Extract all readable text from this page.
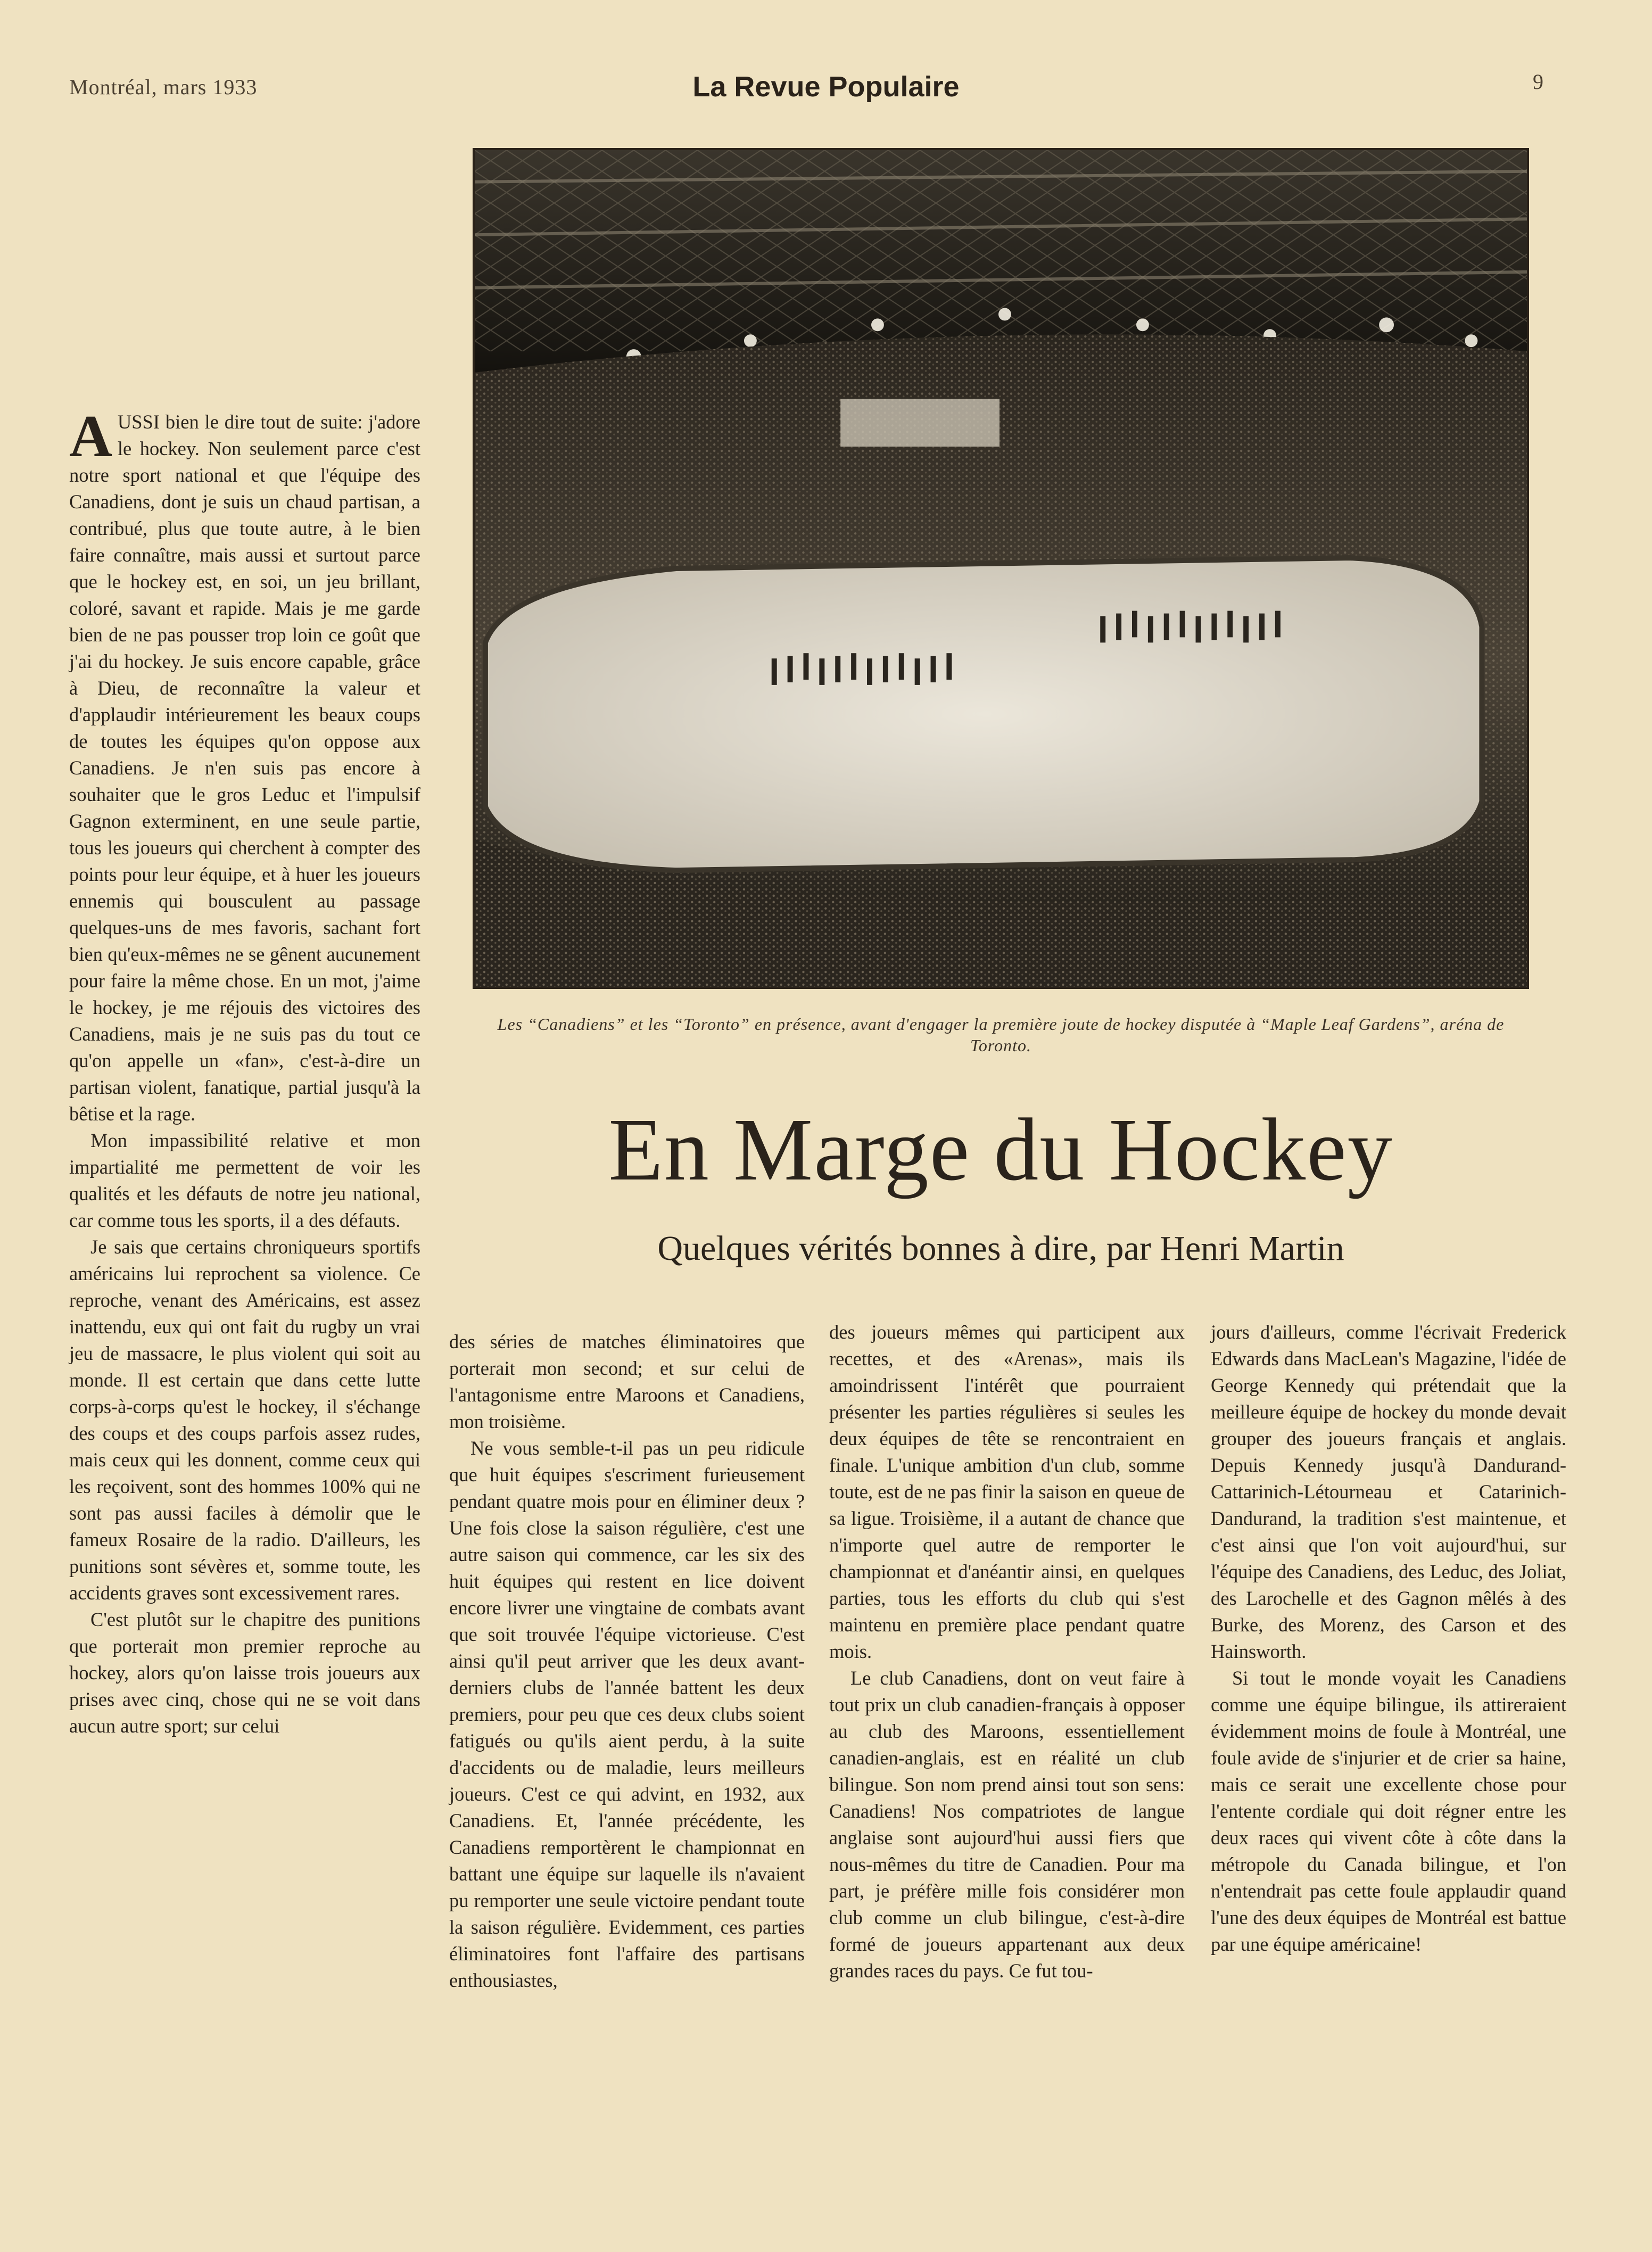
Montréal, mars 1933	La Revue Populaire	9
Les “Canadiens” et les “Toronto” en présence, avant d'engager la première joute de hockey disputée à “Maple Leaf Gardens”, aréna de Toronto.
En Marge du Hockey
Quelques vérités bonnes à dire, par Henri Martin

AUSSI bien le dire tout de suite: j'adore le hockey. Non seulement parce c'est notre sport national et que l'équipe des Canadiens, dont je suis un chaud partisan, a contribué, plus que toute autre, à le bien faire connaître, mais aussi et surtout parce que le hockey est, en soi, un jeu brillant, coloré, savant et rapide. Mais je me garde bien de ne pas pousser trop loin ce goût que j'ai du hockey. Je suis encore capable, grâce à Dieu, de reconnaître la valeur et d'applaudir intérieurement les beaux coups de toutes les équipes qu'on oppose aux Canadiens. Je n'en suis pas encore à souhaiter que le gros Leduc et l'impulsif Gagnon exterminent, en une seule partie, tous les joueurs qui cherchent à compter des points pour leur équipe, et à huer les joueurs ennemis qui bousculent au passage quelques-uns de mes favoris, sachant fort bien qu'eux-mêmes ne se gênent aucunement pour faire la même chose. En un mot, j'aime le hockey, je me réjouis des victoires des Canadiens, mais je ne suis pas du tout ce qu'on appelle un «fan», c'est-à-dire un partisan violent, fanatique, partial jusqu'à la bêtise et la rage.

Mon impassibilité relative et mon impartialité me permettent de voir les qualités et les défauts de notre jeu national, car comme tous les sports, il a des défauts.

Je sais que certains chroniqueurs sportifs américains lui reprochent sa violence. Ce reproche, venant des Américains, est assez inattendu, eux qui ont fait du rugby un vrai jeu de massacre, le plus violent qui soit au monde. Il est certain que dans cette lutte corps-à-corps qu'est le hockey, il s'échange des coups et des coups parfois assez rudes, mais ceux qui les donnent, comme ceux qui les reçoivent, sont des hommes 100% qui ne sont pas aussi faciles à démolir que le fameux Rosaire de la radio. D'ailleurs, les punitions sont sévères et, somme toute, les accidents graves sont excessivement rares.

C'est plutôt sur le chapitre des punitions que porterait mon premier reproche au hockey, alors qu'on laisse trois joueurs aux prises avec cinq, chose qui ne se voit dans aucun autre sport; sur celui

des séries de matches éliminatoires que porterait mon second; et sur celui de l'antagonisme entre Maroons et Canadiens, mon troisième.

Ne vous semble-t-il pas un peu ridicule que huit équipes s'escriment furieusement pendant quatre mois pour en éliminer deux ? Une fois close la saison régulière, c'est une autre saison qui commence, car les six des huit équipes qui restent en lice doivent encore livrer une vingtaine de combats avant que soit trouvée l'équipe victorieuse. C'est ainsi qu'il peut arriver que les deux avant-derniers clubs de l'année battent les deux premiers, pour peu que ces deux clubs soient fatigués ou qu'ils aient perdu, à la suite d'accidents ou de maladie, leurs meilleurs joueurs. C'est ce qui advint, en 1932, aux Canadiens. Et, l'année précédente, les Canadiens remportèrent le championnat en battant une équipe sur laquelle ils n'avaient pu remporter une seule victoire pendant toute la saison régulière. Evidemment, ces parties éliminatoires font l'affaire des partisans enthousiastes,

des joueurs mêmes qui participent aux recettes, et des «Arenas», mais ils amoindrissent l'intérêt que pourraient présenter les parties régulières si seules les deux équipes de tête se rencontraient en finale. L'unique ambition d'un club, somme toute, est de ne pas finir la saison en queue de sa ligue. Troisième, il a autant de chance que n'importe quel autre de remporter le championnat et d'anéantir ainsi, en quelques parties, tous les efforts du club qui s'est maintenu en première place pendant quatre mois.

Le club Canadiens, dont on veut faire à tout prix un club canadien-français à opposer au club des Maroons, essentiellement canadien-anglais, est en réalité un club bilingue. Son nom prend ainsi tout son sens: Canadiens! Nos compatriotes de langue anglaise sont aujourd'hui aussi fiers que nous-mêmes du titre de Canadien. Pour ma part, je préfère mille fois considérer mon club comme un club bilingue, c'est-à-dire formé de joueurs appartenant aux deux grandes races du pays. Ce fut tou-

jours d'ailleurs, comme l'écrivait Frederick Edwards dans MacLean's Magazine, l'idée de George Kennedy qui prétendait que la meilleure équipe de hockey du monde devait grouper des joueurs français et anglais. Depuis Kennedy jusqu'à Dandurand-Cattarinich-Létourneau et Catarinich-Dandurand, la tradition s'est maintenue, et c'est ainsi que l'on voit aujourd'hui, sur l'équipe des Canadiens, des Leduc, des Joliat, des Larochelle et des Gagnon mêlés à des Burke, des Morenz, des Carson et des Hainsworth.

Si tout le monde voyait les Canadiens comme une équipe bilingue, ils attireraient évidemment moins de foule à Montréal, une foule avide de s'injurier et de crier sa haine, mais ce serait une excellente chose pour l'entente cordiale qui doit régner entre les deux races qui vivent côte à côte dans la métropole du Canada bilingue, et l'on n'entendrait pas cette foule applaudir quand l'une des deux équipes de Montréal est battue par une équipe américaine!
